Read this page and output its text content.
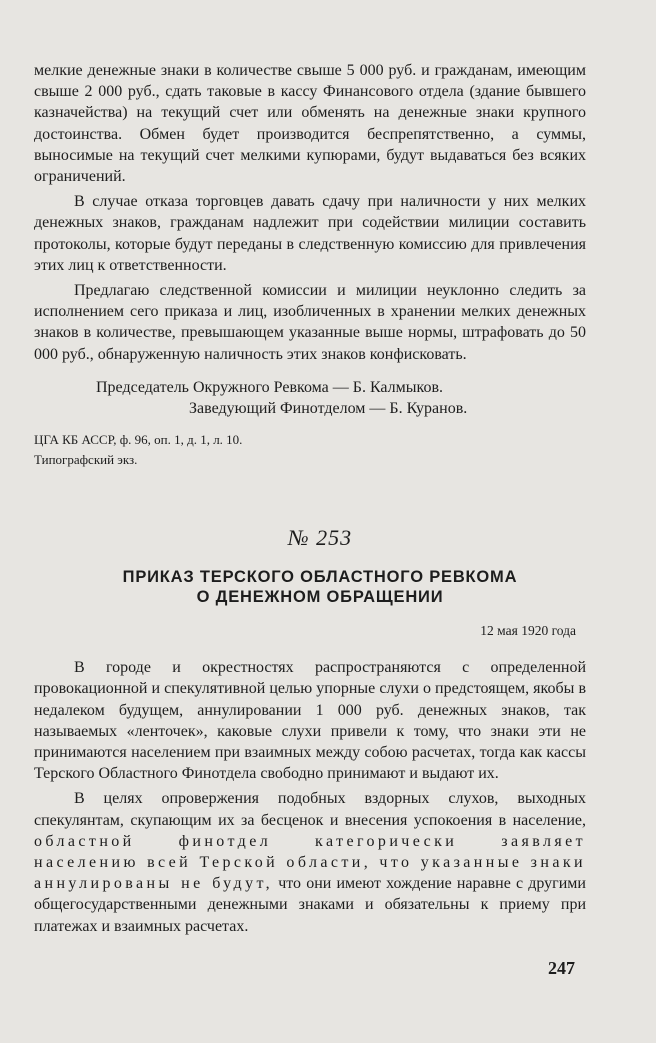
мелкие денежные знаки в количестве свыше 5 000 руб. и гражданам, имеющим свыше 2 000 руб., сдать таковые в кассу Финансового отдела (здание бывшего казначейства) на текущий счет или обменять на денежные знаки крупного достоинства. Обмен будет производится беспрепятственно, а суммы, выносимые на текущий счет мелкими купюрами, будут выдаваться без всяких ограничений.

В случае отказа торговцев давать сдачу при наличности у них мелких денежных знаков, гражданам надлежит при содействии милиции составить протоколы, которые будут переданы в следственную комиссию для привлечения этих лиц к ответственности.

Предлагаю следственной комиссии и милиции неуклонно следить за исполнением сего приказа и лиц, изобличенных в хранении мелких денежных знаков в количестве, превышающем указанные выше нормы, штрафовать до 50 000 руб., обнаруженную наличность этих знаков конфисковать.

Председатель Окружного Ревкома — Б. Калмыков.

Заведующий Финотделом — Б. Куранов.

ЦГА КБ АССР, ф. 96, оп. 1, д. 1, л. 10.

Типографский экз.

№ 253
ПРИКАЗ ТЕРСКОГО ОБЛАСТНОГО РЕВКОМА
О ДЕНЕЖНОМ ОБРАЩЕНИИ
12 мая 1920 года

В городе и окрестностях распространяются с определенной провокационной и спекулятивной целью упорные слухи о предстоящем, якобы в недалеком будущем, аннулировании 1 000 руб. денежных знаков, так называемых «ленточек», каковые слухи привели к тому, что знаки эти не принимаются населением при взаимных между собою расчетах, тогда как кассы Терского Областного Финотдела свободно принимают и выдают их.

В целях опровержения подобных вздорных слухов, выходных спекулянтам, скупающим их за бесценок и внесения успокоения в население, областной финотдел категорически заявляет населению всей Терской области, что указанные знаки аннулированы не будут, что они имеют хождение наравне с другими общегосударственными денежными знаками и обязательны к приему при платежах и взаимных расчетах.

247
